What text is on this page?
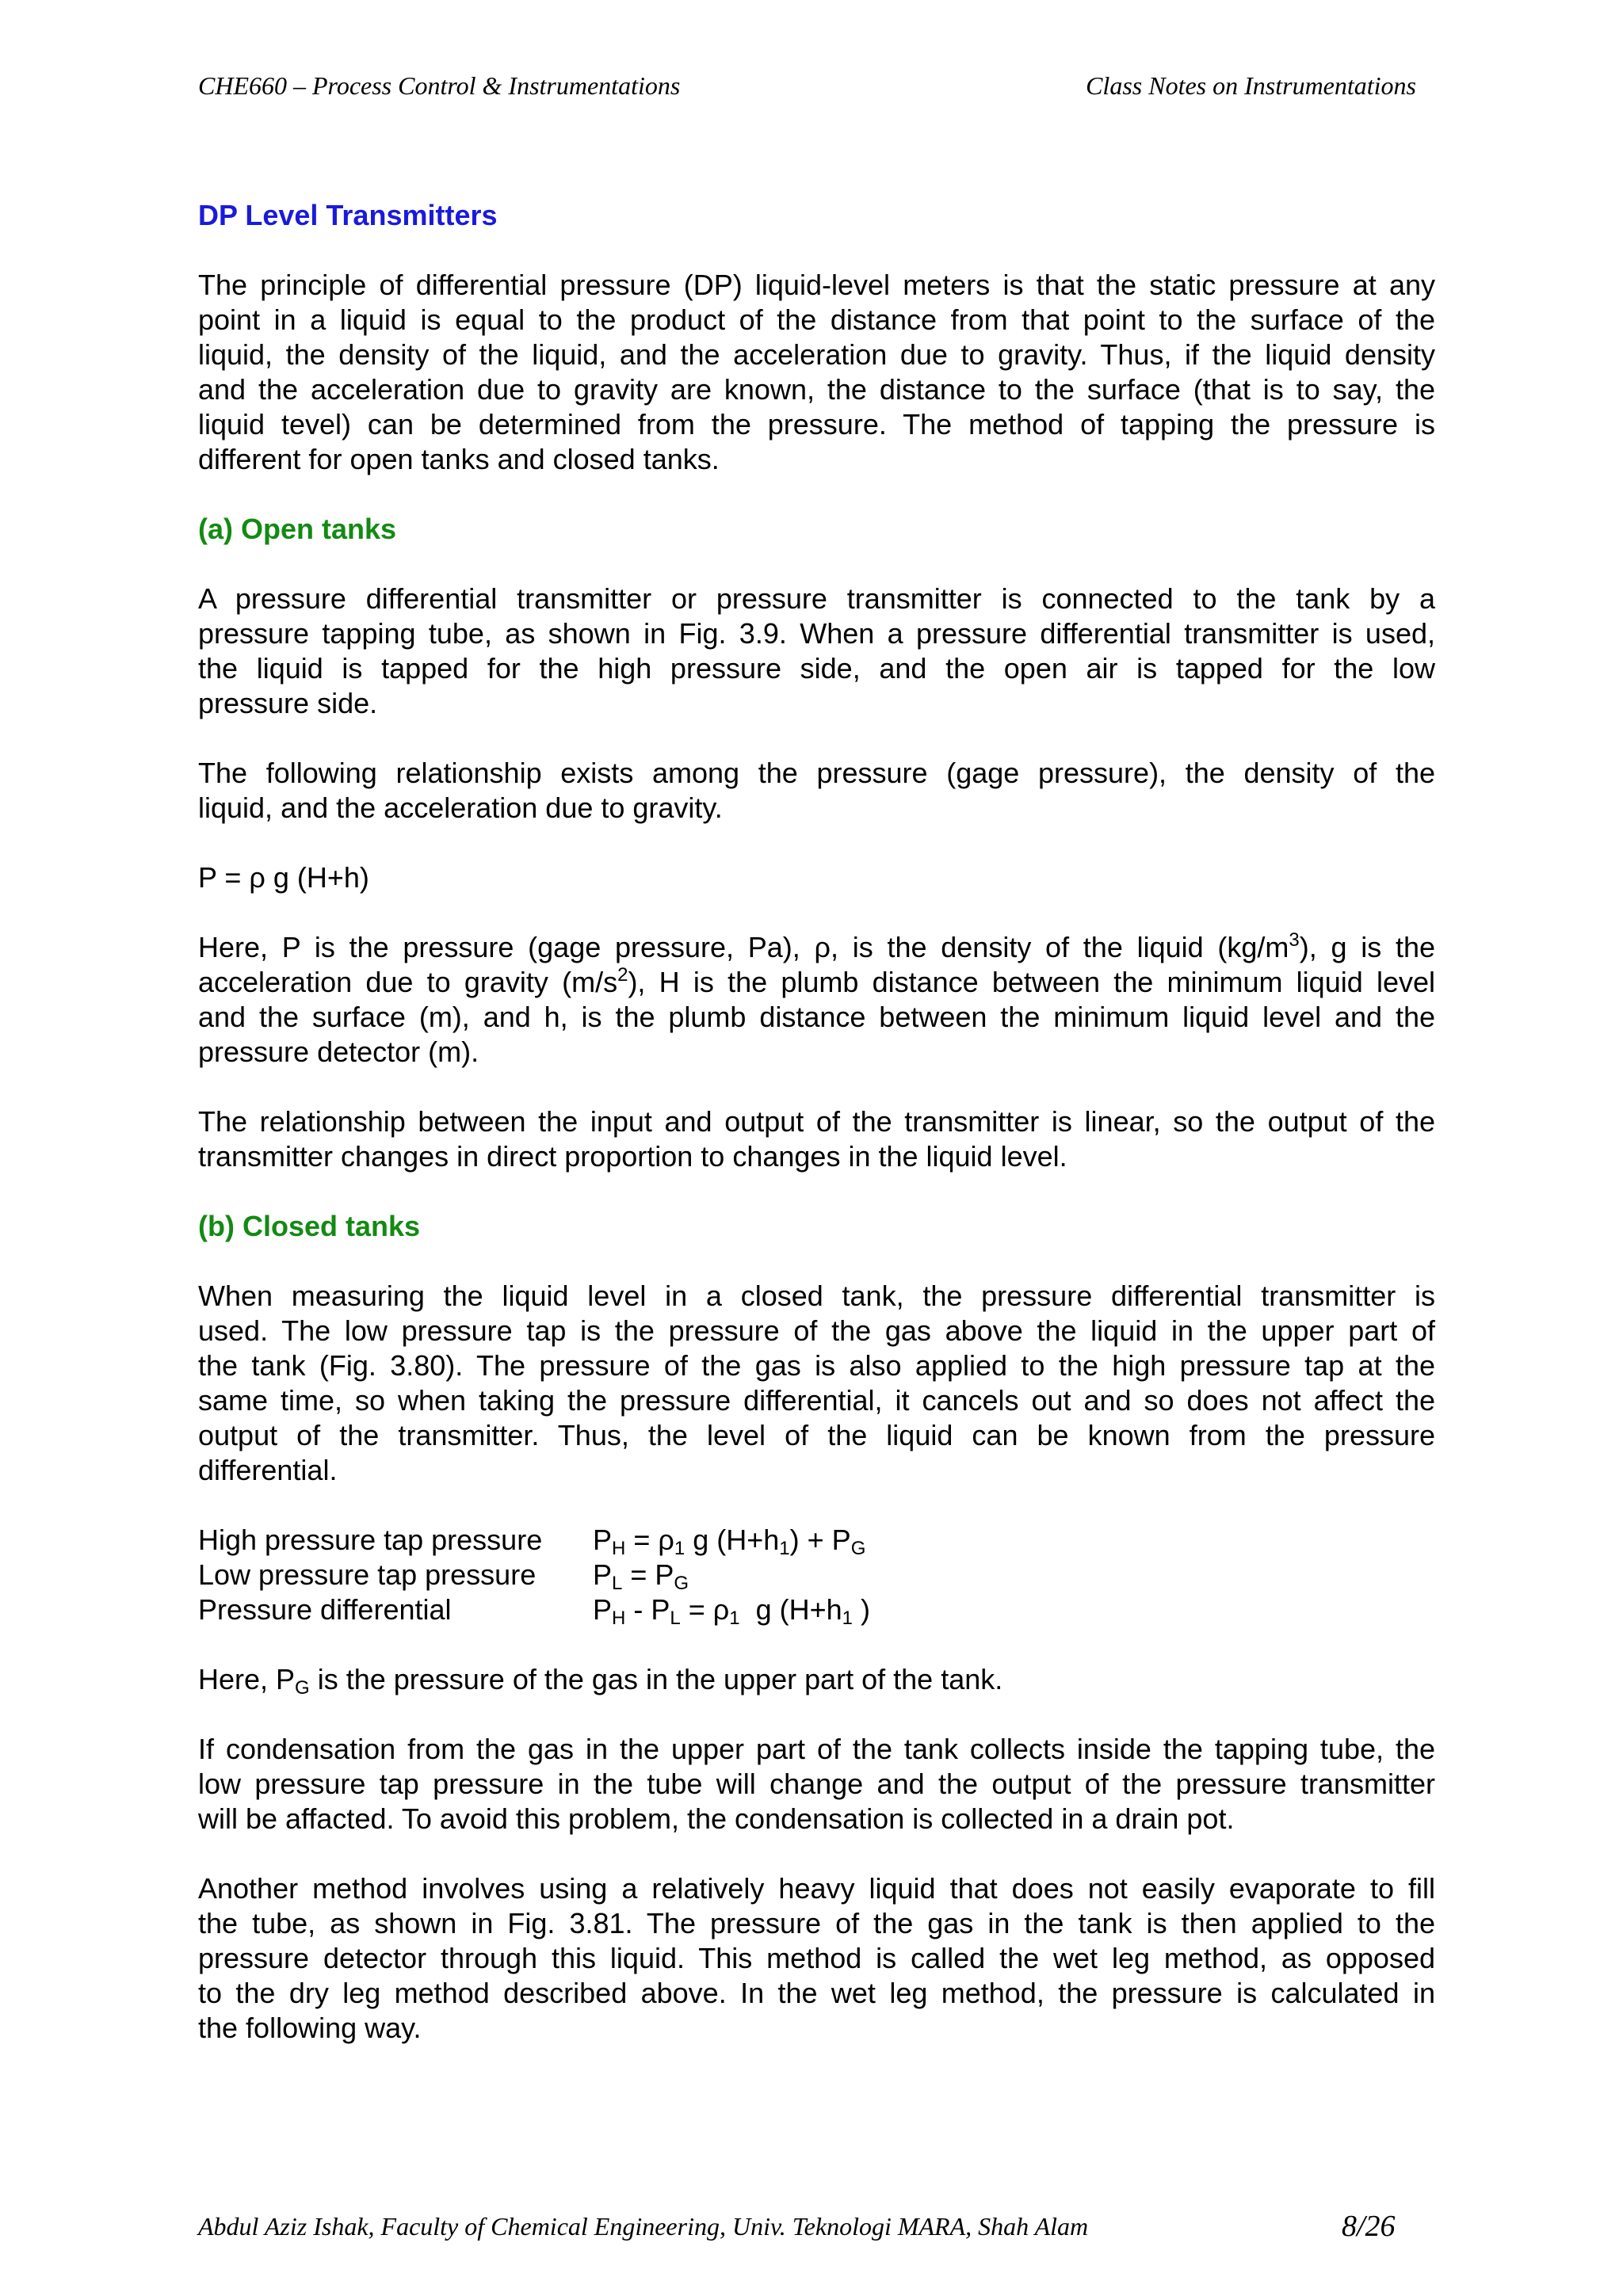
CHE660 – Process Control & Instrumentations	Class Notes on Instrumentations
DP Level Transmitters
The principle of differential pressure (DP) liquid-level meters is that the static pressure at any
point in a liquid is equal to the product of the distance from that point to the surface of the
liquid, the density of the liquid, and the acceleration due to gravity. Thus, if the liquid density
and the acceleration due to gravity are known, the distance to the surface (that is to say, the
liquid tevel) can be determined from the pressure. The method of tapping the pressure is
different for open tanks and closed tanks.
(a) Open tanks
A pressure differential transmitter or pressure transmitter is connected to the tank by a
pressure tapping tube, as shown in Fig. 3.9. When a pressure differential transmitter is used,
the liquid is tapped for the high pressure side, and the open air is tapped for the low
pressure side.
The following relationship exists among the pressure (gage pressure), the density of the
liquid, and the acceleration due to gravity.
P = ρ g (H+h)
Here, P is the pressure (gage pressure, Pa), ρ, is the density of the liquid $(kg/m^3)$, g is the
acceleration due to gravity $(m/s^2)$, H is the plumb distance between the minimum liquid level
and the surface (m), and h, is the plumb distance between the minimum liquid level and the
pressure detector (m).
The relationship between the input and output of the transmitter is linear, so the output of the
transmitter changes in direct proportion to changes in the liquid level.
(b) Closed tanks
When measuring the liquid level in a closed tank, the pressure differential transmitter is
used. The low pressure tap is the pressure of the gas above the liquid in the upper part of
the tank (Fig. 3.80). The pressure of the gas is also applied to the high pressure tap at the
same time, so when taking the pressure differential, it cancels out and so does not affect the
output of the transmitter. Thus, the level of the liquid can be known from the pressure
differential.
High pressure tap pressure $P_H = \rho_1$ g $(H+h_1) + P_G$
Low pressure tap pressure $P_L = P_G$
Pressure differential	$P_H - P_L = \rho_1$  g ($H+h_1$ )
Here, $P_G$ is the pressure of the gas in the upper part of the tank.
If condensation from the gas in the upper part of the tank collects inside the tapping tube, the
low pressure tap pressure in the tube will change and the output of the pressure transmitter
will be affacted. To avoid this problem, the condensation is collected in a drain pot.
Another method involves using a relatively heavy liquid that does not easily evaporate to fill
the tube, as shown in Fig. 3.81. The pressure of the gas in the tank is then applied to the
pressure detector through this liquid. This method is called the wet leg method, as opposed
to the dry leg method described above. In the wet leg method, the pressure is calculated in
the following way.
Abdul Aziz Ishak, Faculty of Chemical Engineering, Univ. Teknologi MARA, Shah Alam	8/26
